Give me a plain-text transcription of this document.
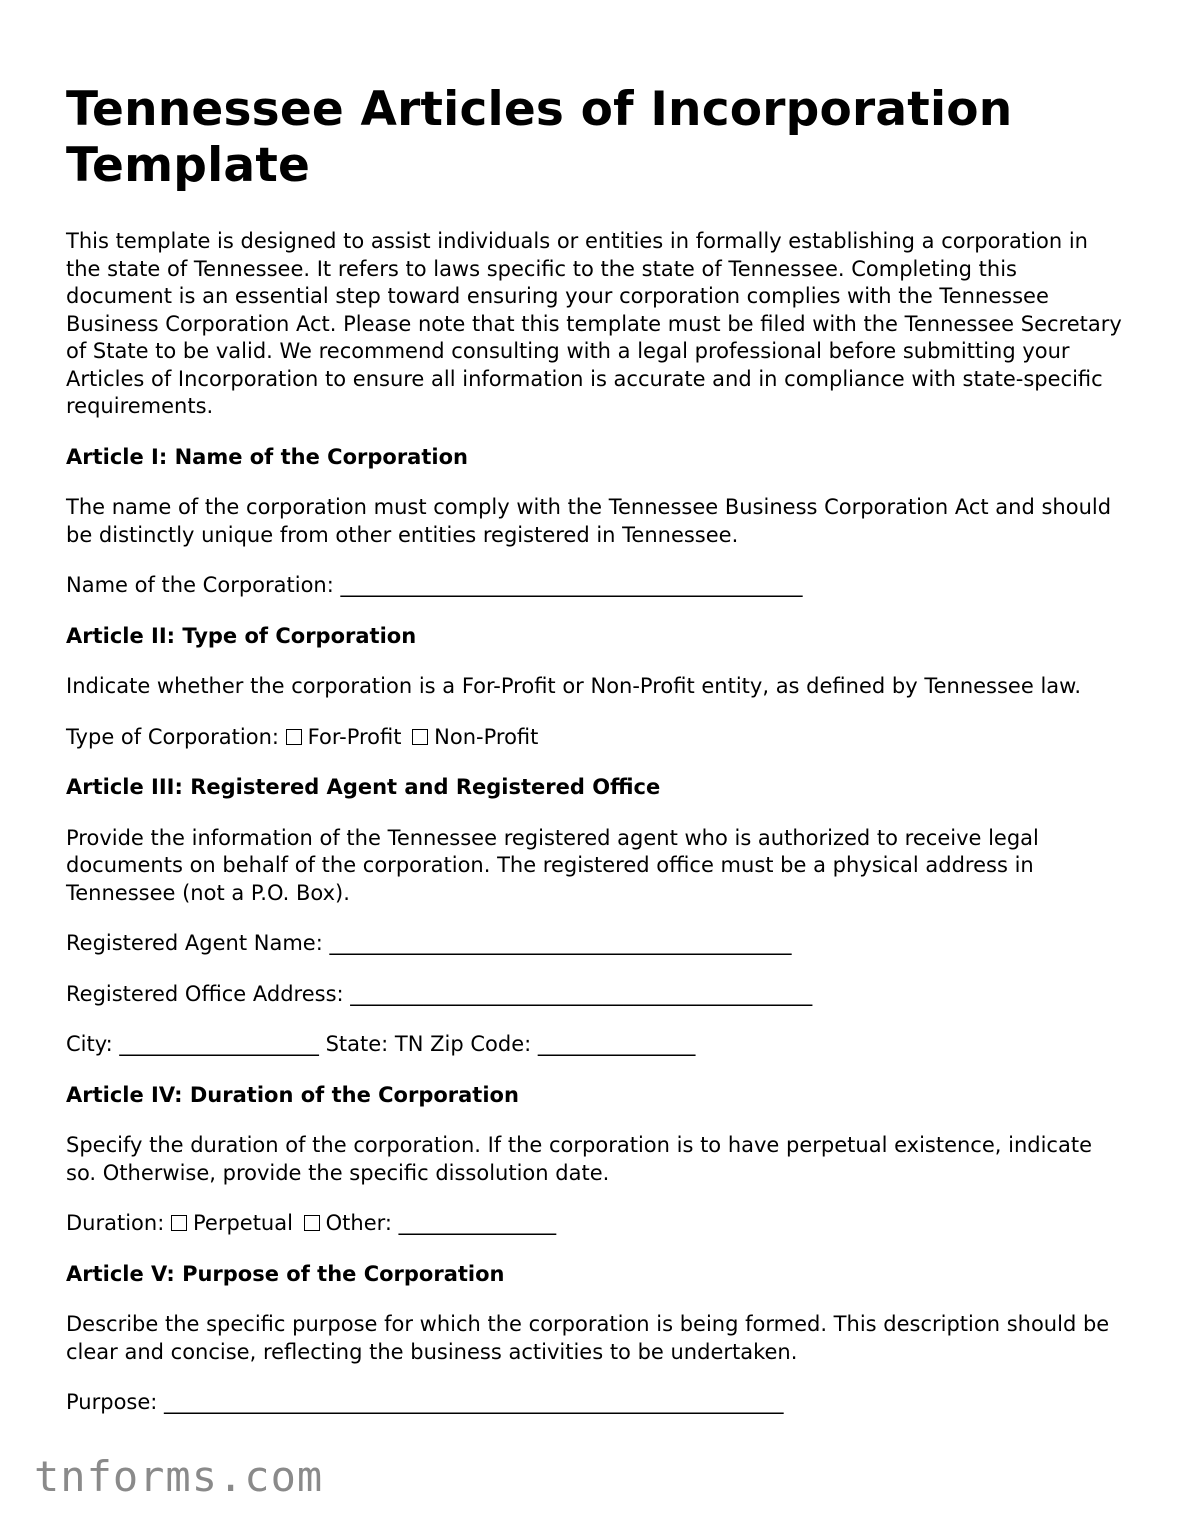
Tennessee Articles of Incorporation Template

This template is designed to assist individuals or entities in formally establishing a corporation in the state of Tennessee. It refers to laws specific to the state of Tennessee. Completing this document is an essential step toward ensuring your corporation complies with the Tennessee Business Corporation Act. Please note that this template must be filed with the Tennessee Secretary of State to be valid. We recommend consulting with a legal professional before submitting your Articles of Incorporation to ensure all information is accurate and in compliance with state-specific requirements.

Article I: Name of the Corporation

The name of the corporation must comply with the Tennessee Business Corporation Act and should be distinctly unique from other entities registered in Tennessee.

Name of the Corporation: ____________________________________________

Article II: Type of Corporation

Indicate whether the corporation is a For-Profit or Non-Profit entity, as defined by Tennessee law.

Type of Corporation: For-Profit Non-Profit

Article III: Registered Agent and Registered Office

Provide the information of the Tennessee registered agent who is authorized to receive legal documents on behalf of the corporation. The registered office must be a physical address in Tennessee (not a P.O. Box).

Registered Agent Name: ____________________________________________

Registered Office Address: ____________________________________________

City: ___________________ State: TN Zip Code: _______________

Article IV: Duration of the Corporation

Specify the duration of the corporation. If the corporation is to have perpetual existence, indicate so. Otherwise, provide the specific dissolution date.

Duration: Perpetual Other: _______________

Article V: Purpose of the Corporation

Describe the specific purpose for which the corporation is being formed. This description should be clear and concise, reflecting the business activities to be undertaken.

Purpose: ___________________________________________________________

tnforms.com
